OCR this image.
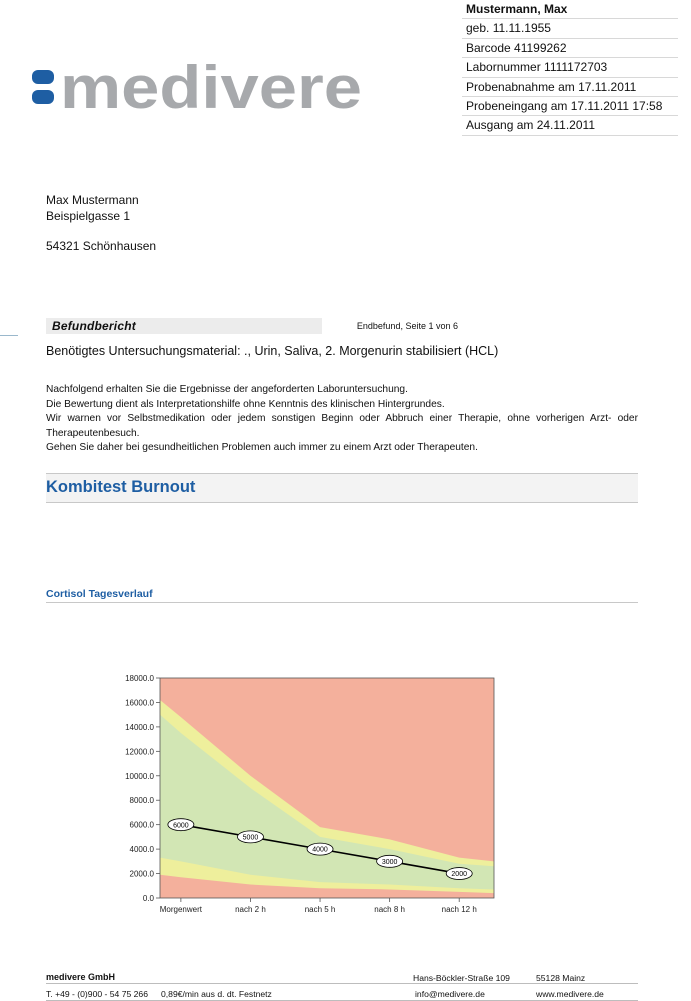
medivere
Mustermann, Max
geb. 11.11.1955
Barcode 41199262
Labornummer 1111172703
Probenabnahme am 17.11.2011
Probeneingang am 17.11.2011 17:58
Ausgang am 24.11.2011
Max Mustermann
Beispielgasse 1
54321 Schönhausen
Befundbericht	Endbefund, Seite 1 von 6
Benötigtes Untersuchungsmaterial: ., Urin, Saliva, 2. Morgenurin stabilisiert (HCL)

Nachfolgend erhalten Sie die Ergebnisse der angeforderten Laboruntersuchung.

Die Bewertung dient als Interpretationshilfe ohne Kenntnis des klinischen Hintergrundes.

Wir warnen vor Selbstmedikation oder jedem sonstigen Beginn oder Abbruch einer Therapie, ohne vorherigen Arzt- oder Therapeutenbesuch.

Gehen Sie daher bei gesundheitlichen Problemen auch immer zu einem Arzt oder Therapeuten.

Kombitest Burnout
Cortisol Tagesverlauf
0.0
2000.0
4000.0
6000.0
8000.0
10000.0
12000.0
14000.0
16000.0
18000.0
Morgenwert	nach 2 h	nach 5 h	nach 8 h	nach 12 h
6000
5000
4000
3000
2000
medivere GmbH	Hans-Böckler-Straße 109	55128 Mainz
T. +49 - (0)900 - 54 75 266 0,89€/min aus d. dt. Festnetz	info@medivere.de	www.medivere.de
